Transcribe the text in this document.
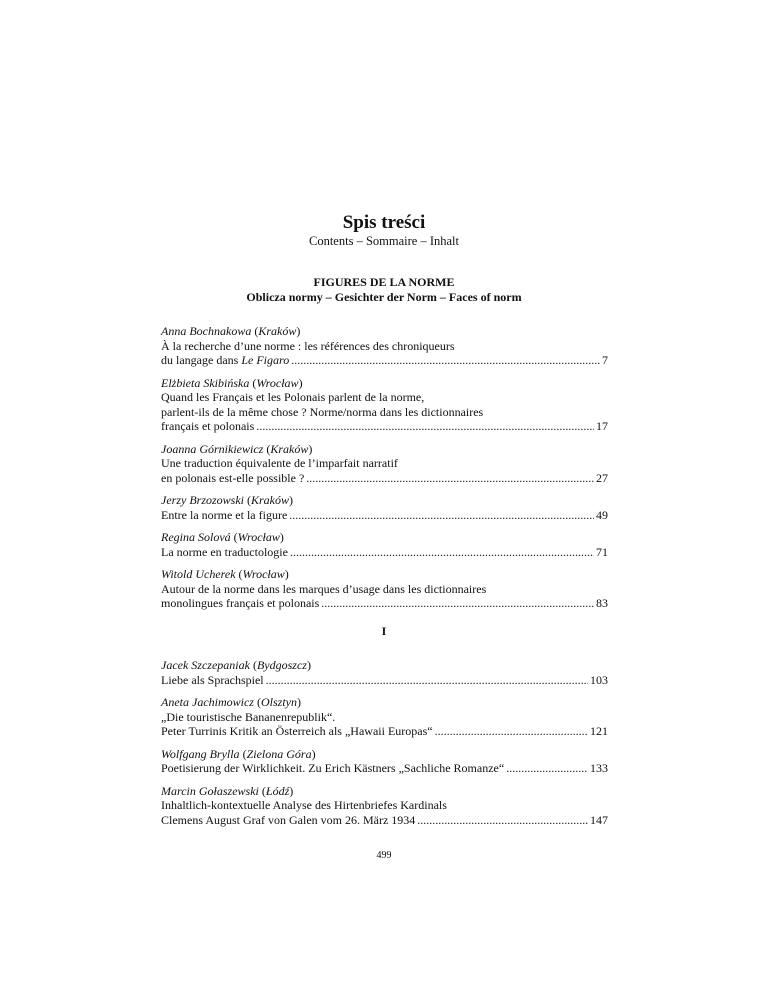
Spis treści
Contents – Sommaire – Inhalt
FIGURES DE LA NORME
Oblicza normy – Gesichter der Norm – Faces of norm
Anna Bochnakowa (Kraków)
À la recherche d’une norme : les références des chroniqueurs
du langage dans Le Figaro . . .	7
Elżbieta Skibińska (Wrocław)
Quand les Français et les Polonais parlent de la norme,
parlent-ils de la même chose ? Norme/norma dans les dictionnaires
français et polonais . . .	17
Joanna Górnikiewicz (Kraków)
Une traduction équivalente de l’imparfait narratif
en polonais est-elle possible ? . . .	27
Jerzy Brzozowski (Kraków)
Entre la norme et la figure . . .	49
Regina Solová (Wrocław)
La norme en traductologie . . .	71
Witold Ucherek (Wrocław)
Autour de la norme dans les marques d’usage dans les dictionnaires
monolingues français et polonais . . .	83
I
Jacek Szczepaniak (Bydgoszcz)
Liebe als Sprachspiel . . .	103
Aneta Jachimowicz (Olsztyn)
„Die touristische Bananenrepublik“.
Peter Turrinis Kritik an Österreich als „Hawaii Europas“ . . .	121
Wolfgang Brylla (Zielona Góra)
Poetisierung der Wirklichkeit. Zu Erich Kästners „Sachliche Romanze“ . . .	133
Marcin Gołaszewski (Łódź)
Inhaltlich-kontextuelle Analyse des Hirtenbriefes Kardinals
Clemens August Graf von Galen vom 26. März 1934 . . .	147
499
